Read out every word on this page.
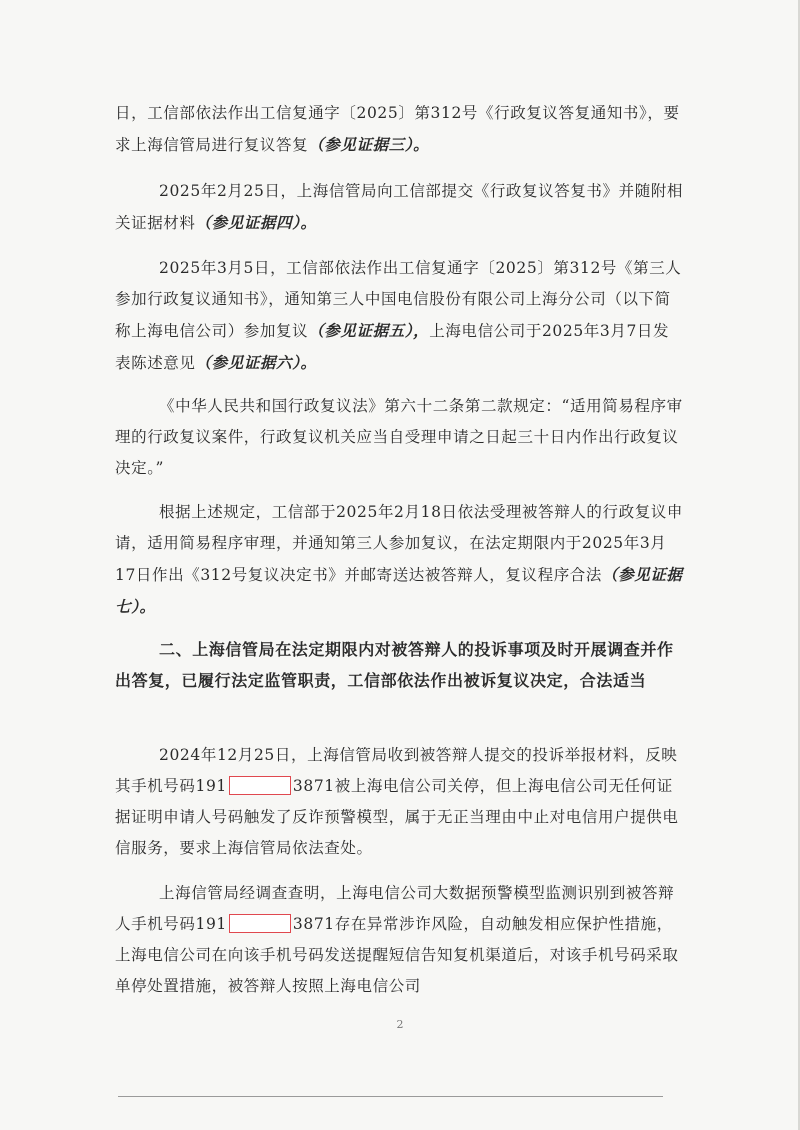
日，工信部依法作出工信复通字〔2025〕第312号《行政复议答复通知书》，要求上海信管局进行复议答复（参见证据三）。

2025年2月25日，上海信管局向工信部提交《行政复议答复书》并随附相关证据材料（参见证据四）。

2025年3月5日，工信部依法作出工信复通字〔2025〕第312号《第三人参加行政复议通知书》，通知第三人中国电信股份有限公司上海分公司（以下简称上海电信公司）参加复议（参见证据五），上海电信公司于2025年3月7日发表陈述意见（参见证据六）。

《中华人民共和国行政复议法》第六十二条第二款规定：“适用简易程序审理的行政复议案件，行政复议机关应当自受理申请之日起三十日内作出行政复议决定。”

根据上述规定，工信部于2025年2月18日依法受理被答辩人的行政复议申请，适用简易程序审理，并通知第三人参加复议，在法定期限内于2025年3月17日作出《312号复议决定书》并邮寄送达被答辩人，复议程序合法（参见证据七）。

二、上海信管局在法定期限内对被答辩人的投诉事项及时开展调查并作出答复，已履行法定监管职责，工信部依法作出被诉复议决定，合法适当

2024年12月25日，上海信管局收到被答辩人提交的投诉举报材料，反映其手机号码191	3871被上海电信公司关停，但上海电信公司无任何证据证明申请人号码触发了反诈预警模型，属于无正当理由中止对电信用户提供电信服务，要求上海信管局依法查处。

上海信管局经调查查明，上海电信公司大数据预警模型监测识别到被答辩人手机号码191	3871存在异常涉诈风险，自动触发相应保护性措施，上海电信公司在向该手机号码发送提醒短信告知复机渠道后，对该手机号码采取单停处置措施，被答辩人按照上海电信公司

2
